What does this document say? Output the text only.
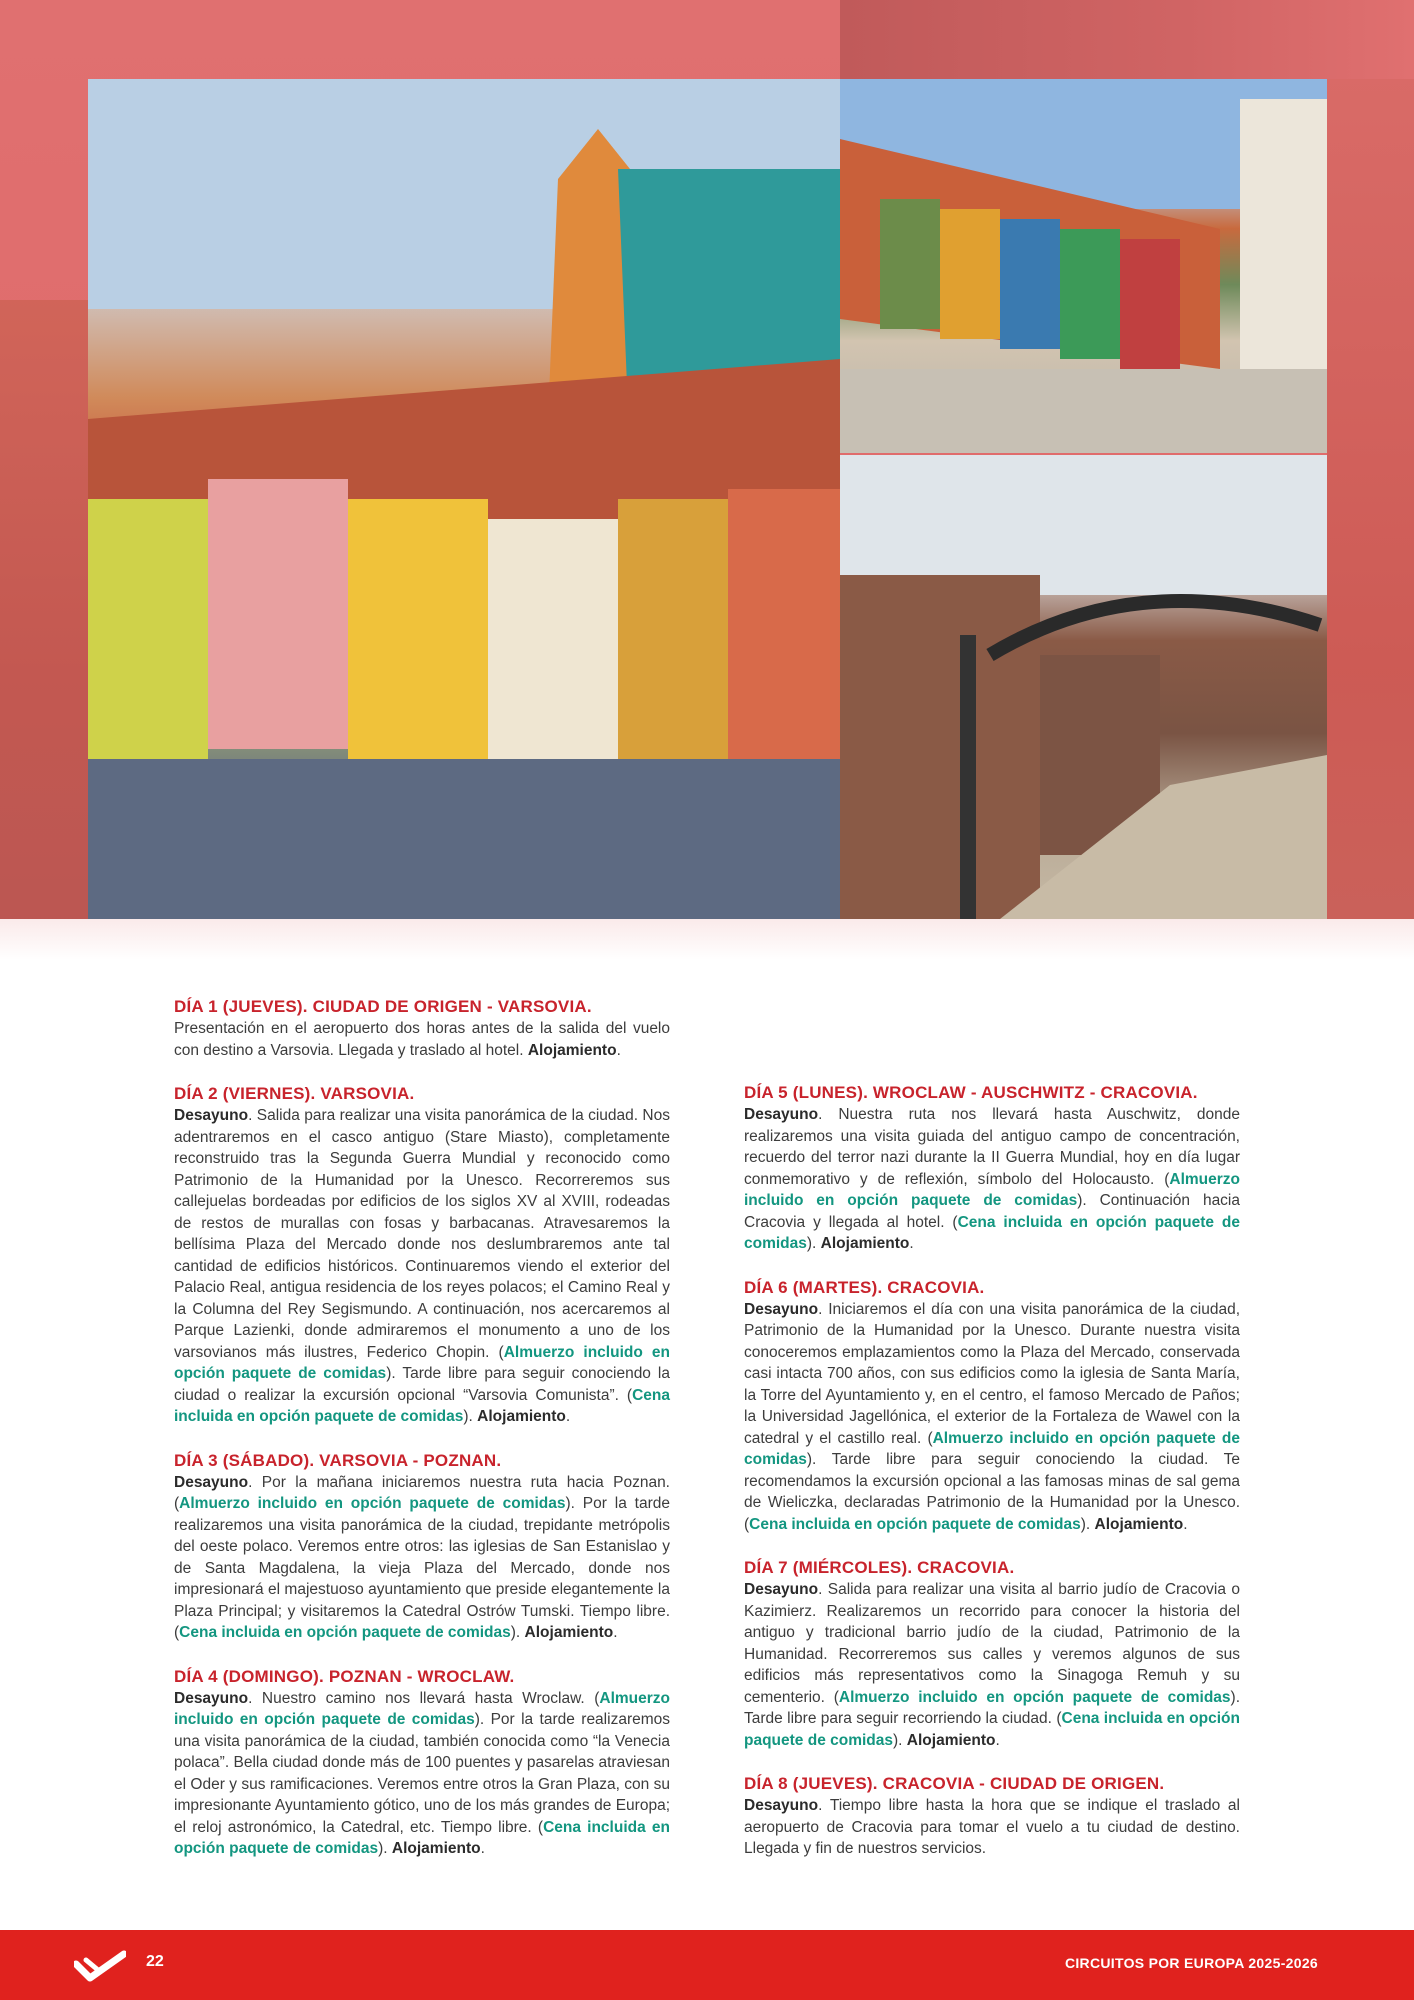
DÍA 1 (JUEVES). CIUDAD DE ORIGEN - VARSOVIA.
Presentación en el aeropuerto dos horas antes de la salida del vuelo con destino a Varsovia. Llegada y traslado al hotel. Alojamiento.
DÍA 2 (VIERNES). VARSOVIA.
Desayuno. Salida para realizar una visita panorámica de la ciudad. Nos adentraremos en el casco antiguo (Stare Miasto), completamente reconstruido tras la Segunda Guerra Mundial y reconocido como Patrimonio de la Humanidad por la Unesco. Recorreremos sus callejuelas bordeadas por edificios de los siglos XV al XVIII, rodeadas de restos de murallas con fosas y barbacanas. Atravesaremos la bellísima Plaza del Mercado donde nos deslumbraremos ante tal cantidad de edificios históricos. Continuaremos viendo el exterior del Palacio Real, antigua residencia de los reyes polacos; el Camino Real y la Columna del Rey Segismundo. A continuación, nos acercaremos al Parque Lazienki, donde admiraremos el monumento a uno de los varsovianos más ilustres, Federico Chopin. (Almuerzo incluido en opción paquete de comidas). Tarde libre para seguir conociendo la ciudad o realizar la excursión opcional “Varsovia Comunista”. (Cena incluida en opción paquete de comidas). Alojamiento.
DÍA 3 (SÁBADO). VARSOVIA - POZNAN.
Desayuno. Por la mañana iniciaremos nuestra ruta hacia Poznan. (Almuerzo incluido en opción paquete de comidas). Por la tarde realizaremos una visita panorámica de la ciudad, trepidante metrópolis del oeste polaco. Veremos entre otros: las iglesias de San Estanislao y de Santa Magdalena, la vieja Plaza del Mercado, donde nos impresionará el majestuoso ayuntamiento que preside elegantemente la Plaza Principal; y visitaremos la Catedral Ostrów Tumski. Tiempo libre. (Cena incluida en opción paquete de comidas). Alojamiento.
DÍA 4 (DOMINGO). POZNAN - WROCLAW.
Desayuno. Nuestro camino nos llevará hasta Wroclaw. (Almuerzo incluido en opción paquete de comidas). Por la tarde realizaremos una visita panorámica de la ciudad, también conocida como “la Venecia polaca”. Bella ciudad donde más de 100 puentes y pasarelas atraviesan el Oder y sus ramificaciones. Veremos entre otros la Gran Plaza, con su impresionante Ayuntamiento gótico, uno de los más grandes de Europa; el reloj astronómico, la Catedral, etc. Tiempo libre. (Cena incluida en opción paquete de comidas). Alojamiento.
DÍA 5 (LUNES). WROCLAW - AUSCHWITZ - CRACOVIA.
Desayuno. Nuestra ruta nos llevará hasta Auschwitz, donde realizaremos una visita guiada del antiguo campo de concentración, recuerdo del terror nazi durante la II Guerra Mundial, hoy en día lugar conmemorativo y de reflexión, símbolo del Holocausto. (Almuerzo incluido en opción paquete de comidas). Continuación hacia Cracovia y llegada al hotel. (Cena incluida en opción paquete de comidas). Alojamiento.
DÍA 6 (MARTES). CRACOVIA.
Desayuno. Iniciaremos el día con una visita panorámica de la ciudad, Patrimonio de la Humanidad por la Unesco. Durante nuestra visita conoceremos emplazamientos como la Plaza del Mercado, conservada casi intacta 700 años, con sus edificios como la iglesia de Santa María, la Torre del Ayuntamiento y, en el centro, el famoso Mercado de Paños; la Universidad Jagellónica, el exterior de la Fortaleza de Wawel con la catedral y el castillo real. (Almuerzo incluido en opción paquete de comidas). Tarde libre para seguir conociendo la ciudad. Te recomendamos la excursión opcional a las famosas minas de sal gema de Wieliczka, declaradas Patrimonio de la Humanidad por la Unesco. (Cena incluida en opción paquete de comidas). Alojamiento.
DÍA 7 (MIÉRCOLES). CRACOVIA.
Desayuno. Salida para realizar una visita al barrio judío de Cracovia o Kazimierz. Realizaremos un recorrido para conocer la historia del antiguo y tradicional barrio judío de la ciudad, Patrimonio de la Humanidad. Recorreremos sus calles y veremos algunos de sus edificios más representativos como la Sinagoga Remuh y su cementerio. (Almuerzo incluido en opción paquete de comidas). Tarde libre para seguir recorriendo la ciudad. (Cena incluida en opción paquete de comidas). Alojamiento.
DÍA 8 (JUEVES). CRACOVIA - CIUDAD DE ORIGEN.
Desayuno. Tiempo libre hasta la hora que se indique el traslado al aeropuerto de Cracovia para tomar el vuelo a tu ciudad de destino. Llegada y fin de nuestros servicios.
22	CIRCUITOS POR EUROPA 2025-2026
